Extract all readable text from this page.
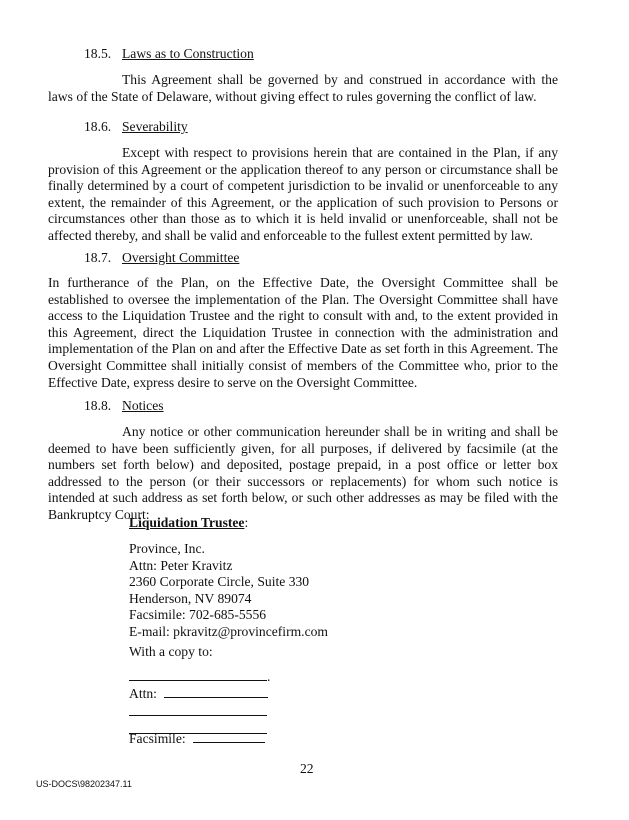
18.5. Laws as to Construction
This Agreement shall be governed by and construed in accordance with the laws of the State of Delaware, without giving effect to rules governing the conflict of law.
18.6. Severability
Except with respect to provisions herein that are contained in the Plan, if any provision of this Agreement or the application thereof to any person or circumstance shall be finally determined by a court of competent jurisdiction to be invalid or unenforceable to any extent, the remainder of this Agreement, or the application of such provision to Persons or circumstances other than those as to which it is held invalid or unenforceable, shall not be affected thereby, and shall be valid and enforceable to the fullest extent permitted by law.
18.7. Oversight Committee
In furtherance of the Plan, on the Effective Date, the Oversight Committee shall be established to oversee the implementation of the Plan. The Oversight Committee shall have access to the Liquidation Trustee and the right to consult with and, to the extent provided in this Agreement, direct the Liquidation Trustee in connection with the administration and implementation of the Plan on and after the Effective Date as set forth in this Agreement. The Oversight Committee shall initially consist of members of the Committee who, prior to the Effective Date, express desire to serve on the Oversight Committee.
18.8. Notices
Any notice or other communication hereunder shall be in writing and shall be deemed to have been sufficiently given, for all purposes, if delivered by facsimile (at the numbers set forth below) and deposited, postage prepaid, in a post office or letter box addressed to the person (or their successors or replacements) for whom such notice is intended at such address as set forth below, or such other addresses as may be filed with the Bankruptcy Court:
Liquidation Trustee:
Province, Inc.
Attn: Peter Kravitz
2360 Corporate Circle, Suite 330
Henderson, NV 89074
Facsimile: 702-685-5556
E-mail: pkravitz@provincefirm.com
With a copy to:
.
Attn:
Facsimile:
22
US-DOCS\98202347.11
